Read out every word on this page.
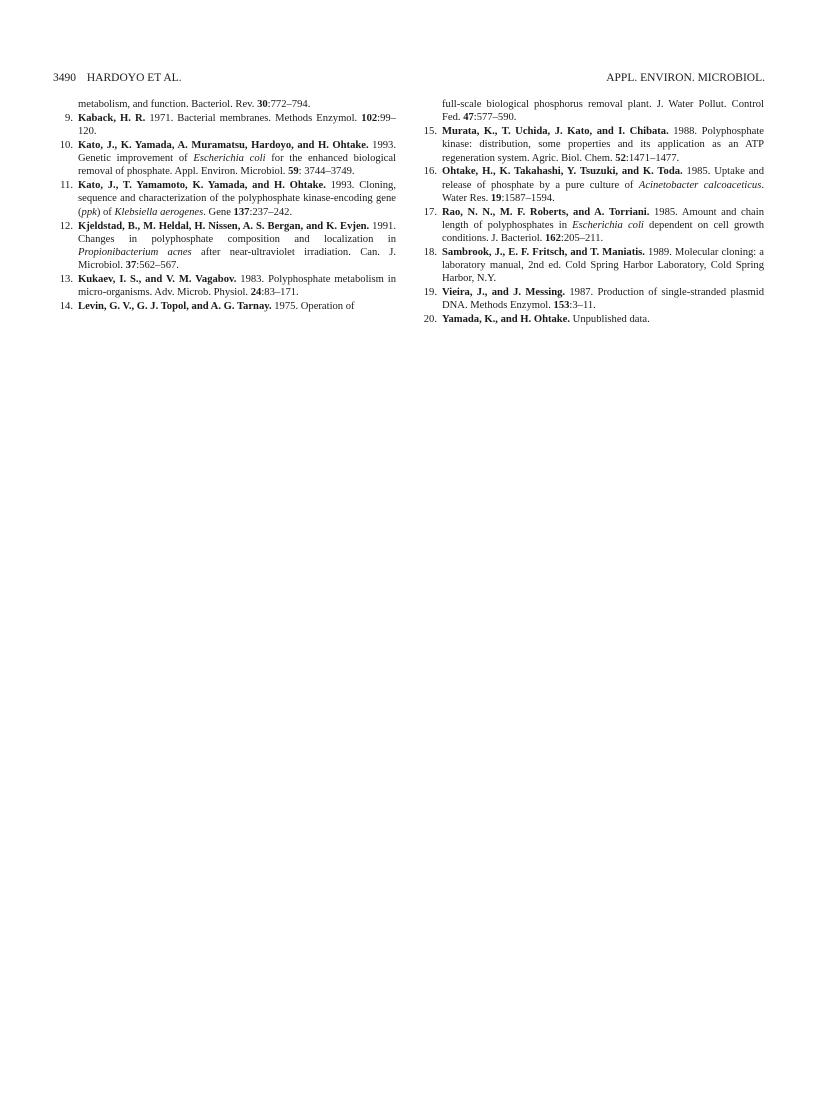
3490 HARDOYO ET AL.	APPL. ENVIRON. MICROBIOL.

metabolism, and function. Bacteriol. Rev. 30:772–794.

9. Kaback, H. R. 1971. Bacterial membranes. Methods Enzymol. 102:99–120.

10. Kato, J., K. Yamada, A. Muramatsu, Hardoyo, and H. Ohtake. 1993. Genetic improvement of Escherichia coli for the enhanced biological removal of phosphate. Appl. Environ. Microbiol. 59: 3744–3749.

11. Kato, J., T. Yamamoto, K. Yamada, and H. Ohtake. 1993. Cloning, sequence and characterization of the polyphosphate kinase-encoding gene (ppk) of Klebsiella aerogenes. Gene 137:237–242.

12. Kjeldstad, B., M. Heldal, H. Nissen, A. S. Bergan, and K. Evjen. 1991. Changes in polyphosphate composition and localization in Propionibacterium acnes after near-ultraviolet irradiation. Can. J. Microbiol. 37:562–567.

13. Kukaev, I. S., and V. M. Vagabov. 1983. Polyphosphate metabolism in micro-organisms. Adv. Microb. Physiol. 24:83–171.

14. Levin, G. V., G. J. Topol, and A. G. Tarnay. 1975. Operation of

full-scale biological phosphorus removal plant. J. Water Pollut. Control Fed. 47:577–590.

15. Murata, K., T. Uchida, J. Kato, and I. Chibata. 1988. Polyphosphate kinase: distribution, some properties and its application as an ATP regeneration system. Agric. Biol. Chem. 52:1471–1477.

16. Ohtake, H., K. Takahashi, Y. Tsuzuki, and K. Toda. 1985. Uptake and release of phosphate by a pure culture of Acinetobacter calcoaceticus. Water Res. 19:1587–1594.

17. Rao, N. N., M. F. Roberts, and A. Torriani. 1985. Amount and chain length of polyphosphates in Escherichia coli dependent on cell growth conditions. J. Bacteriol. 162:205–211.

18. Sambrook, J., E. F. Fritsch, and T. Maniatis. 1989. Molecular cloning: a laboratory manual, 2nd ed. Cold Spring Harbor Laboratory, Cold Spring Harbor, N.Y.

19. Vieira, J., and J. Messing. 1987. Production of single-stranded plasmid DNA. Methods Enzymol. 153:3–11.

20. Yamada, K., and H. Ohtake. Unpublished data.
